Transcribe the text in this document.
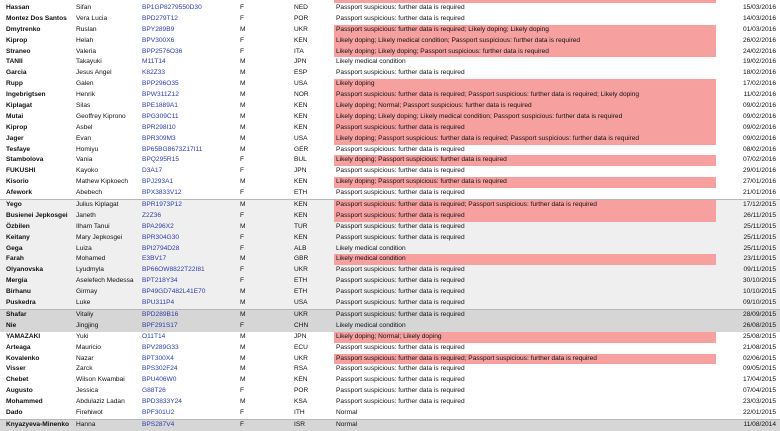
Hassan	Sifan	BP1GP8279550D30	F	NED	Passport suspicious: further data is required	15/03/2016
Montez Dos Santos	Vera Lucia	BPD279T12	F	POR	Passport suspicious: further data is required	14/03/2016
Dmytrenko	Ruslan	BPY289B9	M	UKR	Passport suspicious: further data is required; Likely doping; Likely doping	01/03/2016
Kiprop	Helah	BPV300X6	F	KEN	Likely doping; Likely medical condition; Passport suspicious: further data is required	26/02/2016
Straneo	Valeria	BPP2576O36	F	ITA	Likely doping; Likely doping; Passport suspicious: further data is required	24/02/2016
TANII	Takayuki	M11T14	M	JPN	Likely medical condition	19/02/2016
Garcia	Jesus Angel	K82Z33	M	ESP	Passport suspicious: further data is required	18/02/2016
Rupp	Galen	BPP296O35	M	USA	Likely doping	17/02/2016
Ingebrigtsen	Henrik	BPW311Z12	M	NOR	Passport suspicious: further data is required; Passport suspicious: further data is required; Likely doping	11/02/2016
Kiplagat	Silas	BPE1889A1	M	KEN	Likely doping; Normal; Passport suspicious: further data is required	09/02/2016
Mutai	Geoffrey Kiprono	BPG309C11	M	KEN	Likely doping; Likely doping; Likely medical condition; Passport suspicious: further data is required	09/02/2016
Kiprop	Asbel	BPR298I10	M	KEN	Passport suspicious: further data is required	09/02/2016
Jager	Evan	BPR309M3	M	USA	Likely doping; Passport suspicious: further data is required; Passport suspicious: further data is required	09/02/2016
Tesfaye	Homiyu	BP65BG8673Z17I11	M	GER	Passport suspicious: further data is required	08/02/2016
Stambolova	Vania	BPQ295R15	F	BUL	Likely doping; Passport suspicious: further data is required	07/02/2016
FUKUSHI	Kayoko	D3A17	F	JPN	Passport suspicious: further data is required	29/01/2016
Kisorio	Mathew Kipkoech	BPJ293A1	M	KEN	Likely doping; Passport suspicious: further data is required	27/01/2016
Afework	Abebech	BPX3833V12	F	ETH	Passport suspicious: further data is required	21/01/2016
Yego	Julius Kiplagat	BPR1973P12	M	KEN	Passport suspicious: further data is required; Passport suspicious: further data is required	17/12/2015
Busienei Jepkosgei	Janeth	Z2Z36	F	KEN	Passport suspicious: further data is required	26/11/2015
Özbilen	Ilham Tanui	BPA296X2	M	TUR	Passport suspicious: further data is required	25/11/2015
Keitany	Mary Jepkosgei	BPR304G30	F	KEN	Passport suspicious: further data is required	25/11/2015
Gega	Luiza	BPI2794D28	F	ALB	Likely medical condition	25/11/2015
Farah	Mohamed	E3BV17	M	GBR	Likely medical condition	23/11/2015
Olyanovska	Lyudmyla	BP66OW8822T22I81	F	UKR	Passport suspicious: further data is required	09/11/2015
Mergia	Aselefech Medessa	BPT218Y34	F	ETH	Passport suspicious: further data is required	30/10/2015
Birhanu	Girmay	BP49GD7482L41E70	M	ETH	Passport suspicious: further data is required	10/10/2015
Puskedra	Luke	BPU311P4	M	USA	Passport suspicious: further data is required	09/10/2015
Shafar	Vitaliy	BPD289B16	M	UKR	Passport suspicious: further data is required	28/09/2015
Nie	Jingjing	BPF291S17	F	CHN	Likely medical condition	26/08/2015
YAMAZAKI	Yuki	O11T14	M	JPN	Likely doping; Normal; Likely doping	25/08/2015
Arteaga	Mauricio	BPV289G33	M	ECU	Passport suspicious: further data is required	21/08/2015
Kovalenko	Nazar	BPT300X4	M	UKR	Passport suspicious: further data is required; Passport suspicious: further data is required	02/06/2015
Visser	Zarck	BPS302F24	M	RSA	Passport suspicious: further data is required	09/05/2015
Chebet	Wilson Kwambai	BPU406W0	M	KEN	Passport suspicious: further data is required	17/04/2015
Augusto	Jessica	G88T26	F	POR	Passport suspicious: further data is required	07/04/2015
Mohammed	Abdulaziz Ladan	BPD3833Y24	M	KSA	Passport suspicious: further data is required	23/03/2015
Dado	Firehiwot	BPF301U2	F	ITH	Normal	22/01/2015
Knyazyeva-Minenko	Hanna	BPS287V4	F	ISR	Normal	11/08/2014
